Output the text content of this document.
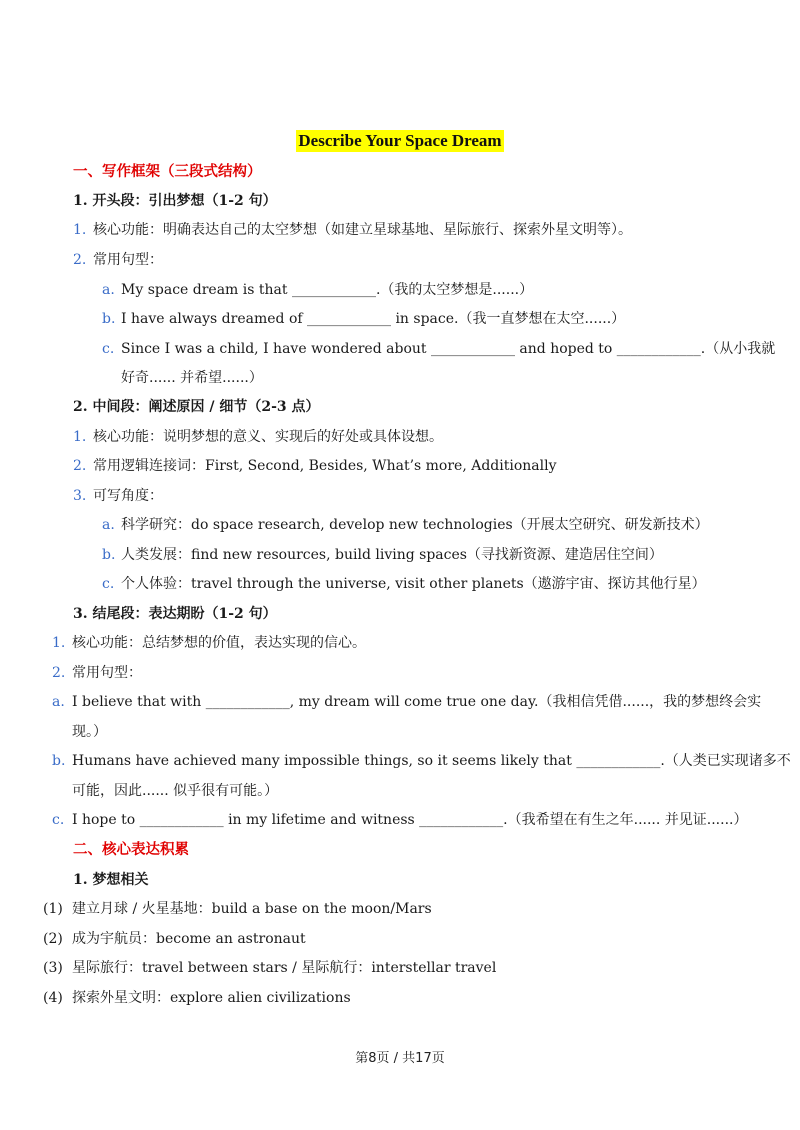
Describe Your Space Dream
一、写作框架（三段式结构）
1. 开头段：引出梦想（1-2 句）
1. 核心功能：明确表达自己的太空梦想（如建立星球基地、星际旅行、探索外星文明等）。
2. 常用句型：
a. My space dream is that ____________.（我的太空梦想是......）
b. I have always dreamed of ____________ in space.（我一直梦想在太空......）
c. Since I was a child, I have wondered about ____________ and hoped to ____________.（从小我就
好奇...... 并希望......）
2. 中间段：阐述原因 / 细节（2-3 点）
1. 核心功能：说明梦想的意义、实现后的好处或具体设想。
2. 常用逻辑连接词：First, Second, Besides, What’s more, Additionally
3. 可写角度：
a. 科学研究：do space research, develop new technologies（开展太空研究、研发新技术）
b. 人类发展：find new resources, build living spaces（寻找新资源、建造居住空间）
c. 个人体验：travel through the universe, visit other planets（遨游宇宙、探访其他行星）
3. 结尾段：表达期盼（1-2 句）
1. 核心功能：总结梦想的价值，表达实现的信心。
2. 常用句型：
a. I believe that with ____________, my dream will come true one day.（我相信凭借......，我的梦想终会实
现。）
b. Humans have achieved many impossible things, so it seems likely that ____________.（人类已实现诸多不
可能，因此...... 似乎很有可能。）
c. I hope to ____________ in my lifetime and witness ____________.（我希望在有生之年...... 并见证......）
二、核心表达积累
1. 梦想相关
(1) 建立月球 / 火星基地：build a base on the moon/Mars
(2) 成为宇航员：become an astronaut
(3) 星际旅行：travel between stars / 星际航行：interstellar travel
(4) 探索外星文明：explore alien civilizations
第8页 / 共17页
